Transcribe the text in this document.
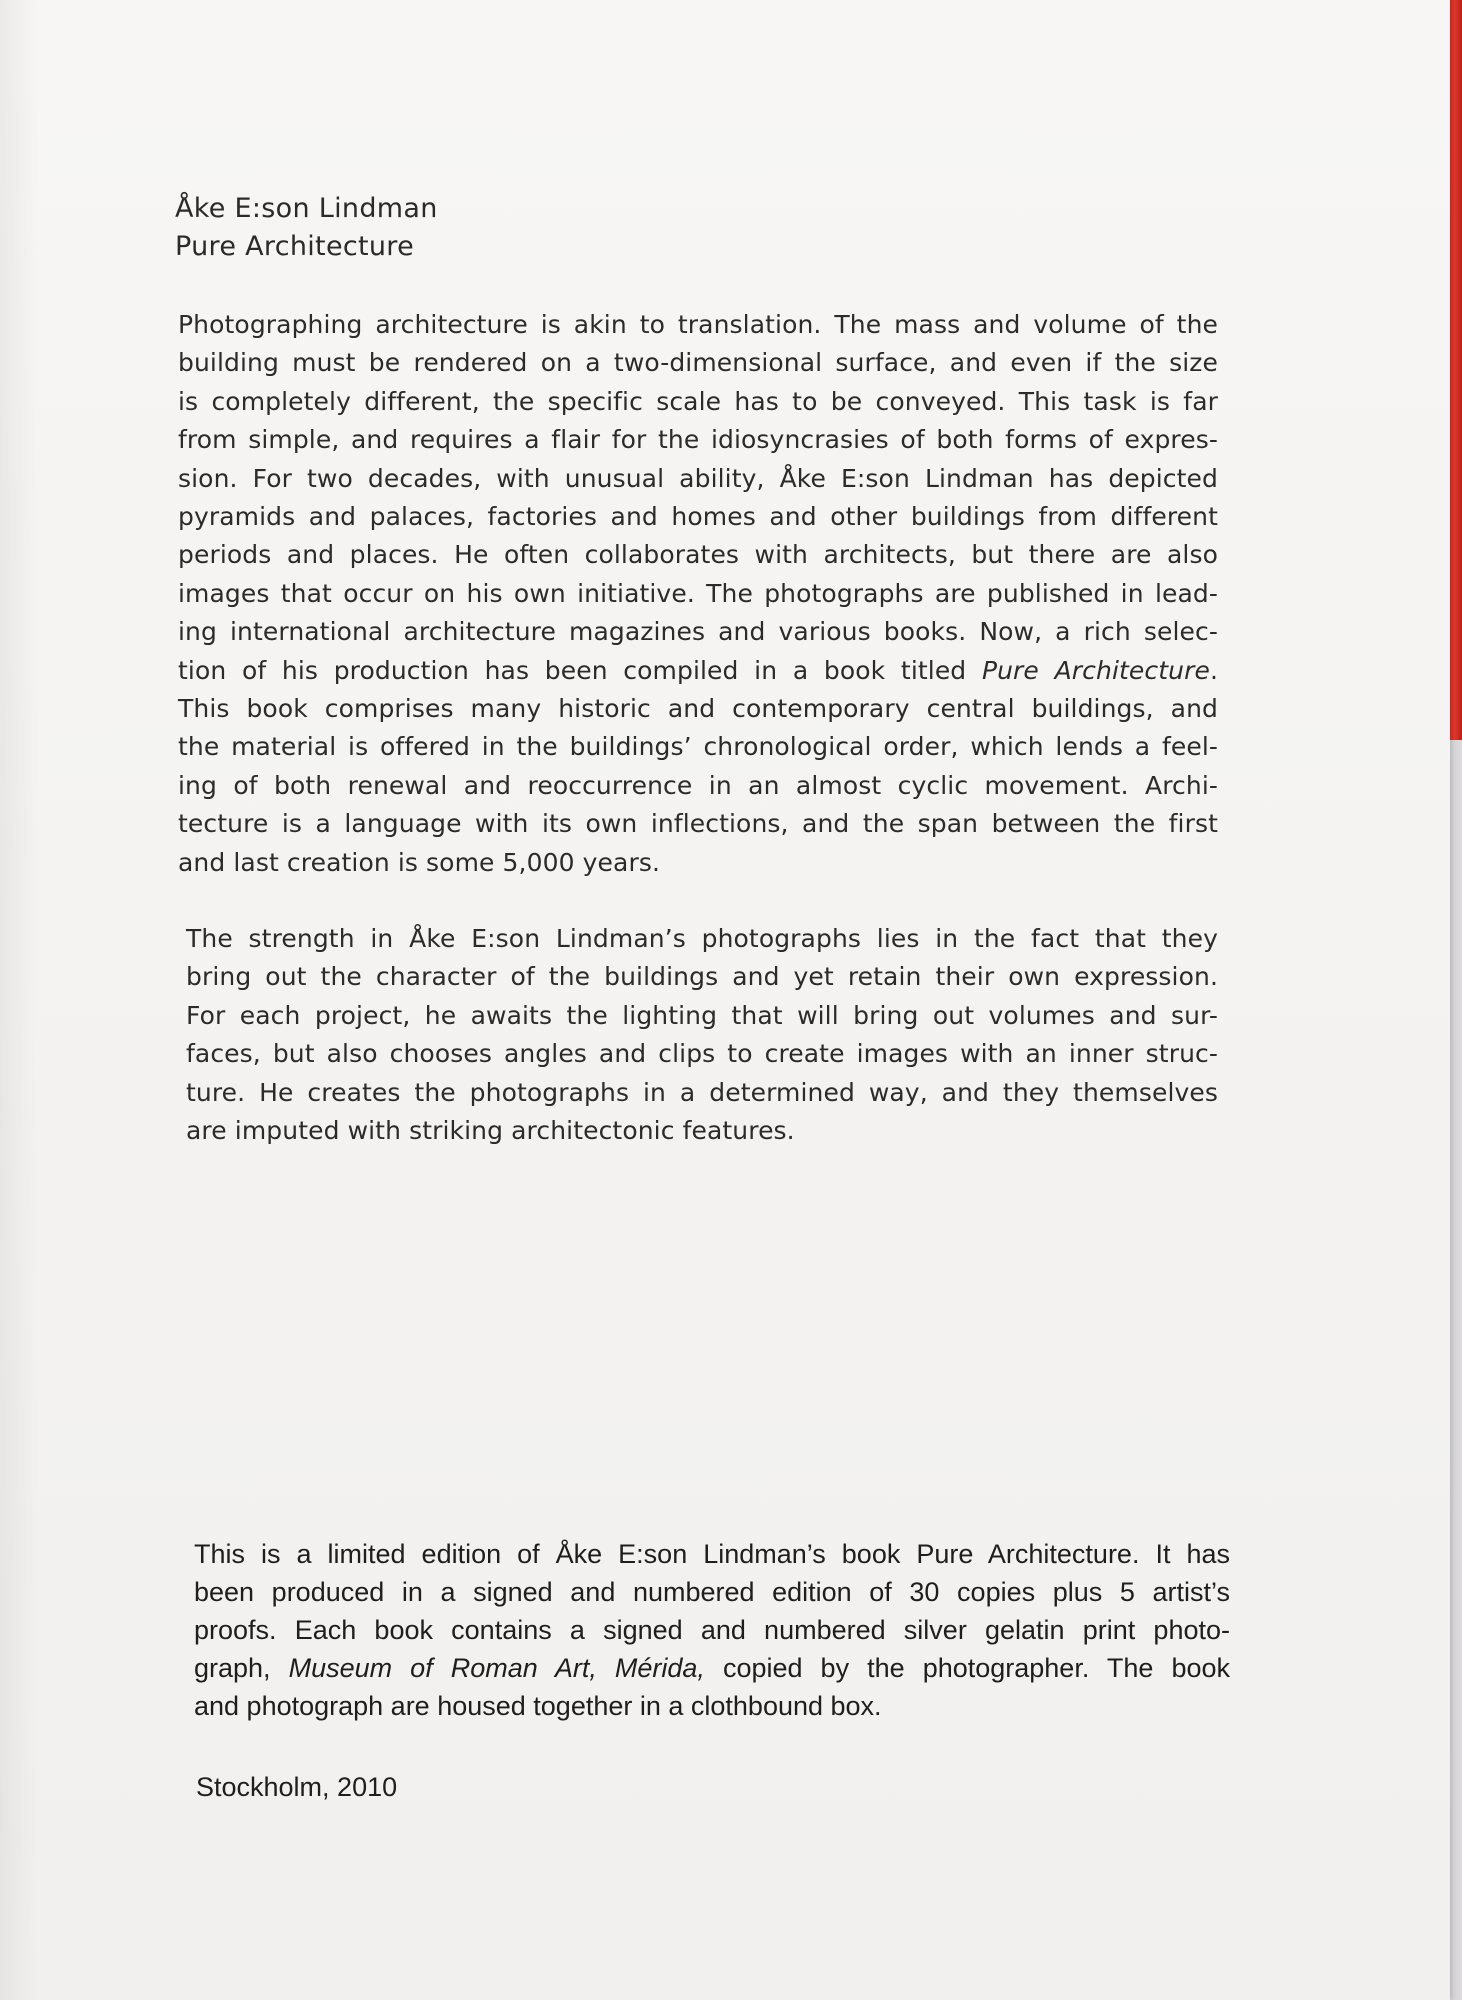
Åke E:son Lindman
Pure Architecture
Photographing architecture is akin to translation. The mass and volume of the
building must be rendered on a two-dimensional surface, and even if the size
is completely different, the specific scale has to be conveyed. This task is far
from simple, and requires a flair for the idiosyncrasies of both forms of expres-
sion. For two decades, with unusual ability, Åke E:son Lindman has depicted
pyramids and palaces, factories and homes and other buildings from different
periods and places. He often collaborates with architects, but there are also
images that occur on his own initiative. The photographs are published in lead-
ing international architecture magazines and various books. Now, a rich selec-
tion of his production has been compiled in a book titled Pure Architecture.
This book comprises many historic and contemporary central buildings, and
the material is offered in the buildings’ chronological order, which lends a feel-
ing of both renewal and reoccurrence in an almost cyclic movement. Archi-
tecture is a language with its own inflections, and the span between the first
and last creation is some 5,000 years.
The strength in Åke E:son Lindman’s photographs lies in the fact that they
bring out the character of the buildings and yet retain their own expression.
For each project, he awaits the lighting that will bring out volumes and sur-
faces, but also chooses angles and clips to create images with an inner struc-
ture. He creates the photographs in a determined way, and they themselves
are imputed with striking architectonic features.
This is a limited edition of Åke E:son Lindman’s book Pure Architecture. It has
been produced in a signed and numbered edition of 30 copies plus 5 artist’s
proofs. Each book contains a signed and numbered silver gelatin print photo-
graph, Museum of Roman Art, Mérida, copied by the photographer. The book
and photograph are housed together in a clothbound box.
Stockholm, 2010
